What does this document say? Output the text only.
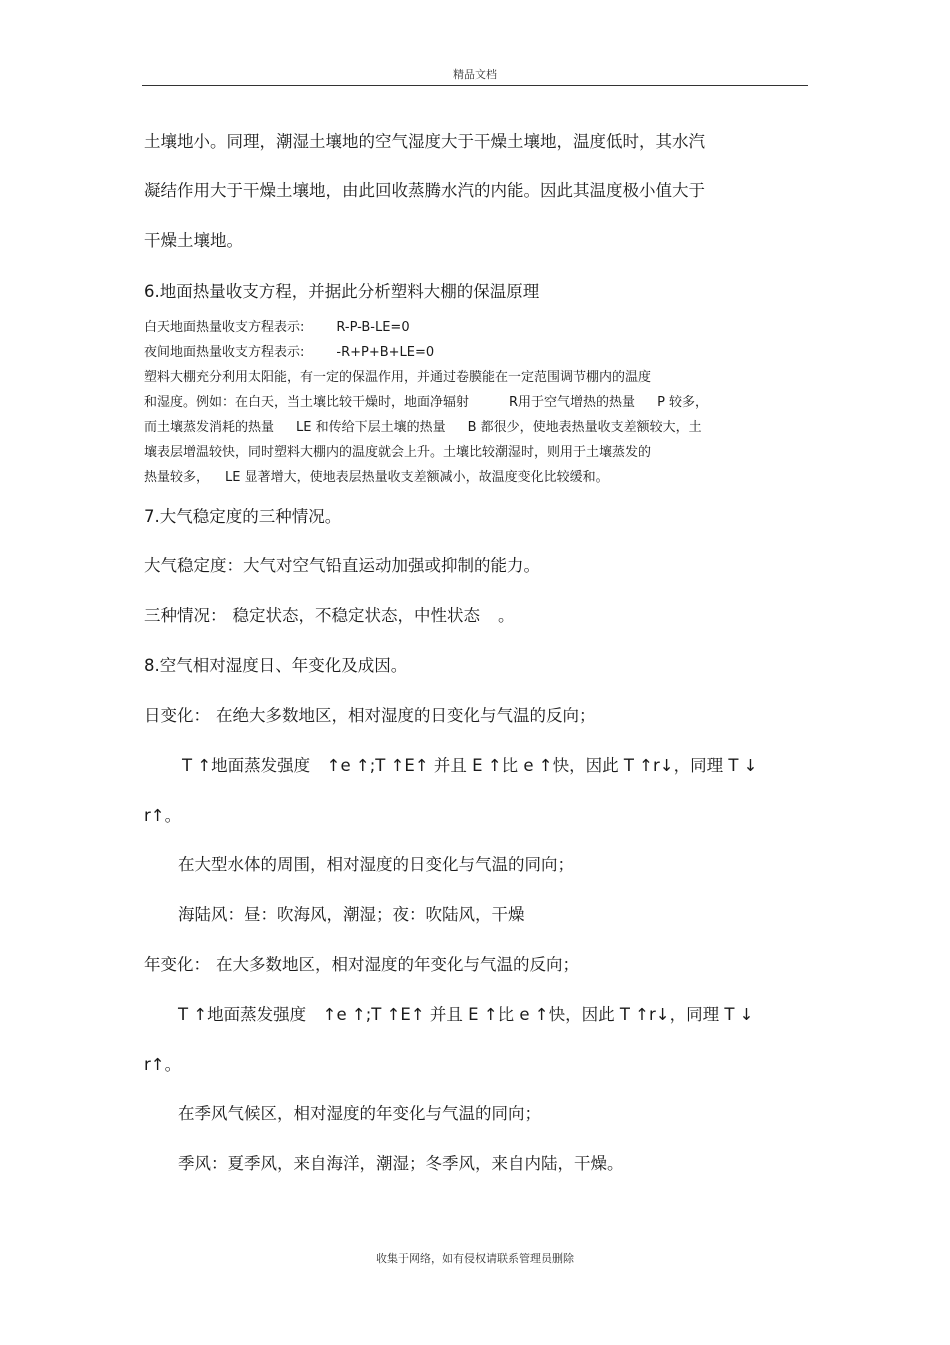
精品文档
土壤地小。同理，潮湿土壤地的空气湿度大于干燥土壤地，温度低时，其水汽
凝结作用大于干燥土壤地，由此回收蒸腾水汽的内能。因此其温度极小值大于
干燥土壤地。
6.地面热量收支方程，并据此分析塑料大棚的保温原理
白天地面热量收支方程表示: R-P-B-LE=0
夜间地面热量收支方程表示: -R+P+B+LE=0
塑料大棚充分利用太阳能，有一定的保温作用，并通过卷膜能在一定范围调节棚内的温度
和湿度。例如：在白天，当土壤比较干燥时，地面净辐射	R用于空气增热的热量 P 较多，
而土壤蒸发消耗的热量 LE 和传给下层土壤的热量 B 都很少，使地表热量收支差额较大，土
壤表层增温较快，同时塑料大棚内的温度就会上升。土壤比较潮湿时，则用于土壤蒸发的
热量较多， LE 显著增大，使地表层热量收支差额减小，故温度变化比较缓和。
7.大气稳定度的三种情况。
大气稳定度：大气对空气铅直运动加强或抑制的能力。
三种情况： 稳定状态，不稳定状态，中性状态 。
8.空气相对湿度日、年变化及成因。
日变化： 在绝大多数地区，相对湿度的日变化与气温的反向；
T ↑地面蒸发强度　↑e ↑;T ↑E↑ 并且 E ↑比 e ↑快，因此 T ↑r↓，同理 T ↓
r↑。
在大型水体的周围，相对湿度的日变化与气温的同向；
海陆风：昼：吹海风，潮湿；夜：吹陆风，干燥
年变化： 在大多数地区，相对湿度的年变化与气温的反向；
T ↑地面蒸发强度　↑e ↑;T ↑E↑ 并且 E ↑比 e ↑快，因此 T ↑r↓，同理 T ↓
r↑。
在季风气候区，相对湿度的年变化与气温的同向；
季风：夏季风，来自海洋，潮湿；冬季风，来自内陆，干燥。
收集于网络，如有侵权请联系管理员删除
